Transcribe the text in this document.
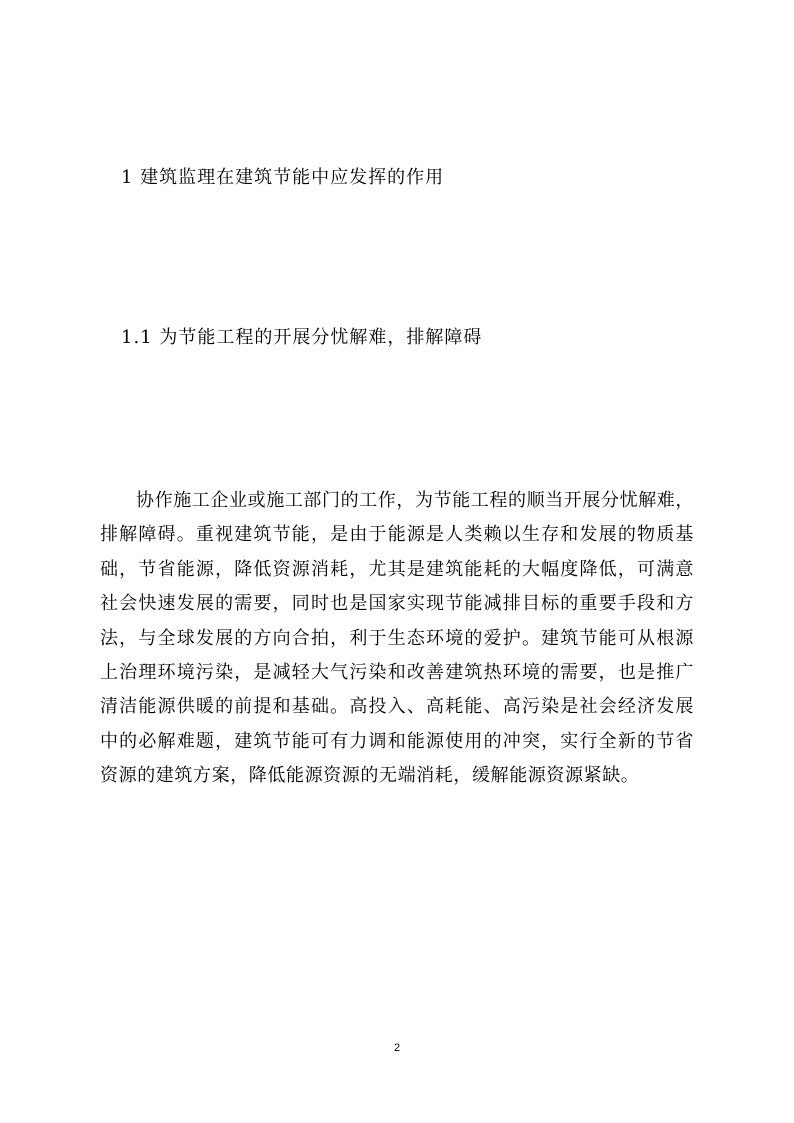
1 建筑监理在建筑节能中应发挥的作用
1.1 为节能工程的开展分忧解难，排解障碍

协作施工企业或施工部门的工作，为节能工程的顺当开展分忧解难，排解障碍。重视建筑节能，是由于能源是人类赖以生存和发展的物质基础，节省能源，降低资源消耗，尤其是建筑能耗的大幅度降低，可满意社会快速发展的需要，同时也是国家实现节能减排目标的重要手段和方法，与全球发展的方向合拍，利于生态环境的爱护。建筑节能可从根源上治理环境污染，是减轻大气污染和改善建筑热环境的需要，也是推广清洁能源供暖的前提和基础。高投入、高耗能、高污染是社会经济发展中的必解难题，建筑节能可有力调和能源使用的冲突，实行全新的节省资源的建筑方案，降低能源资源的无端消耗，缓解能源资源紧缺。

2
